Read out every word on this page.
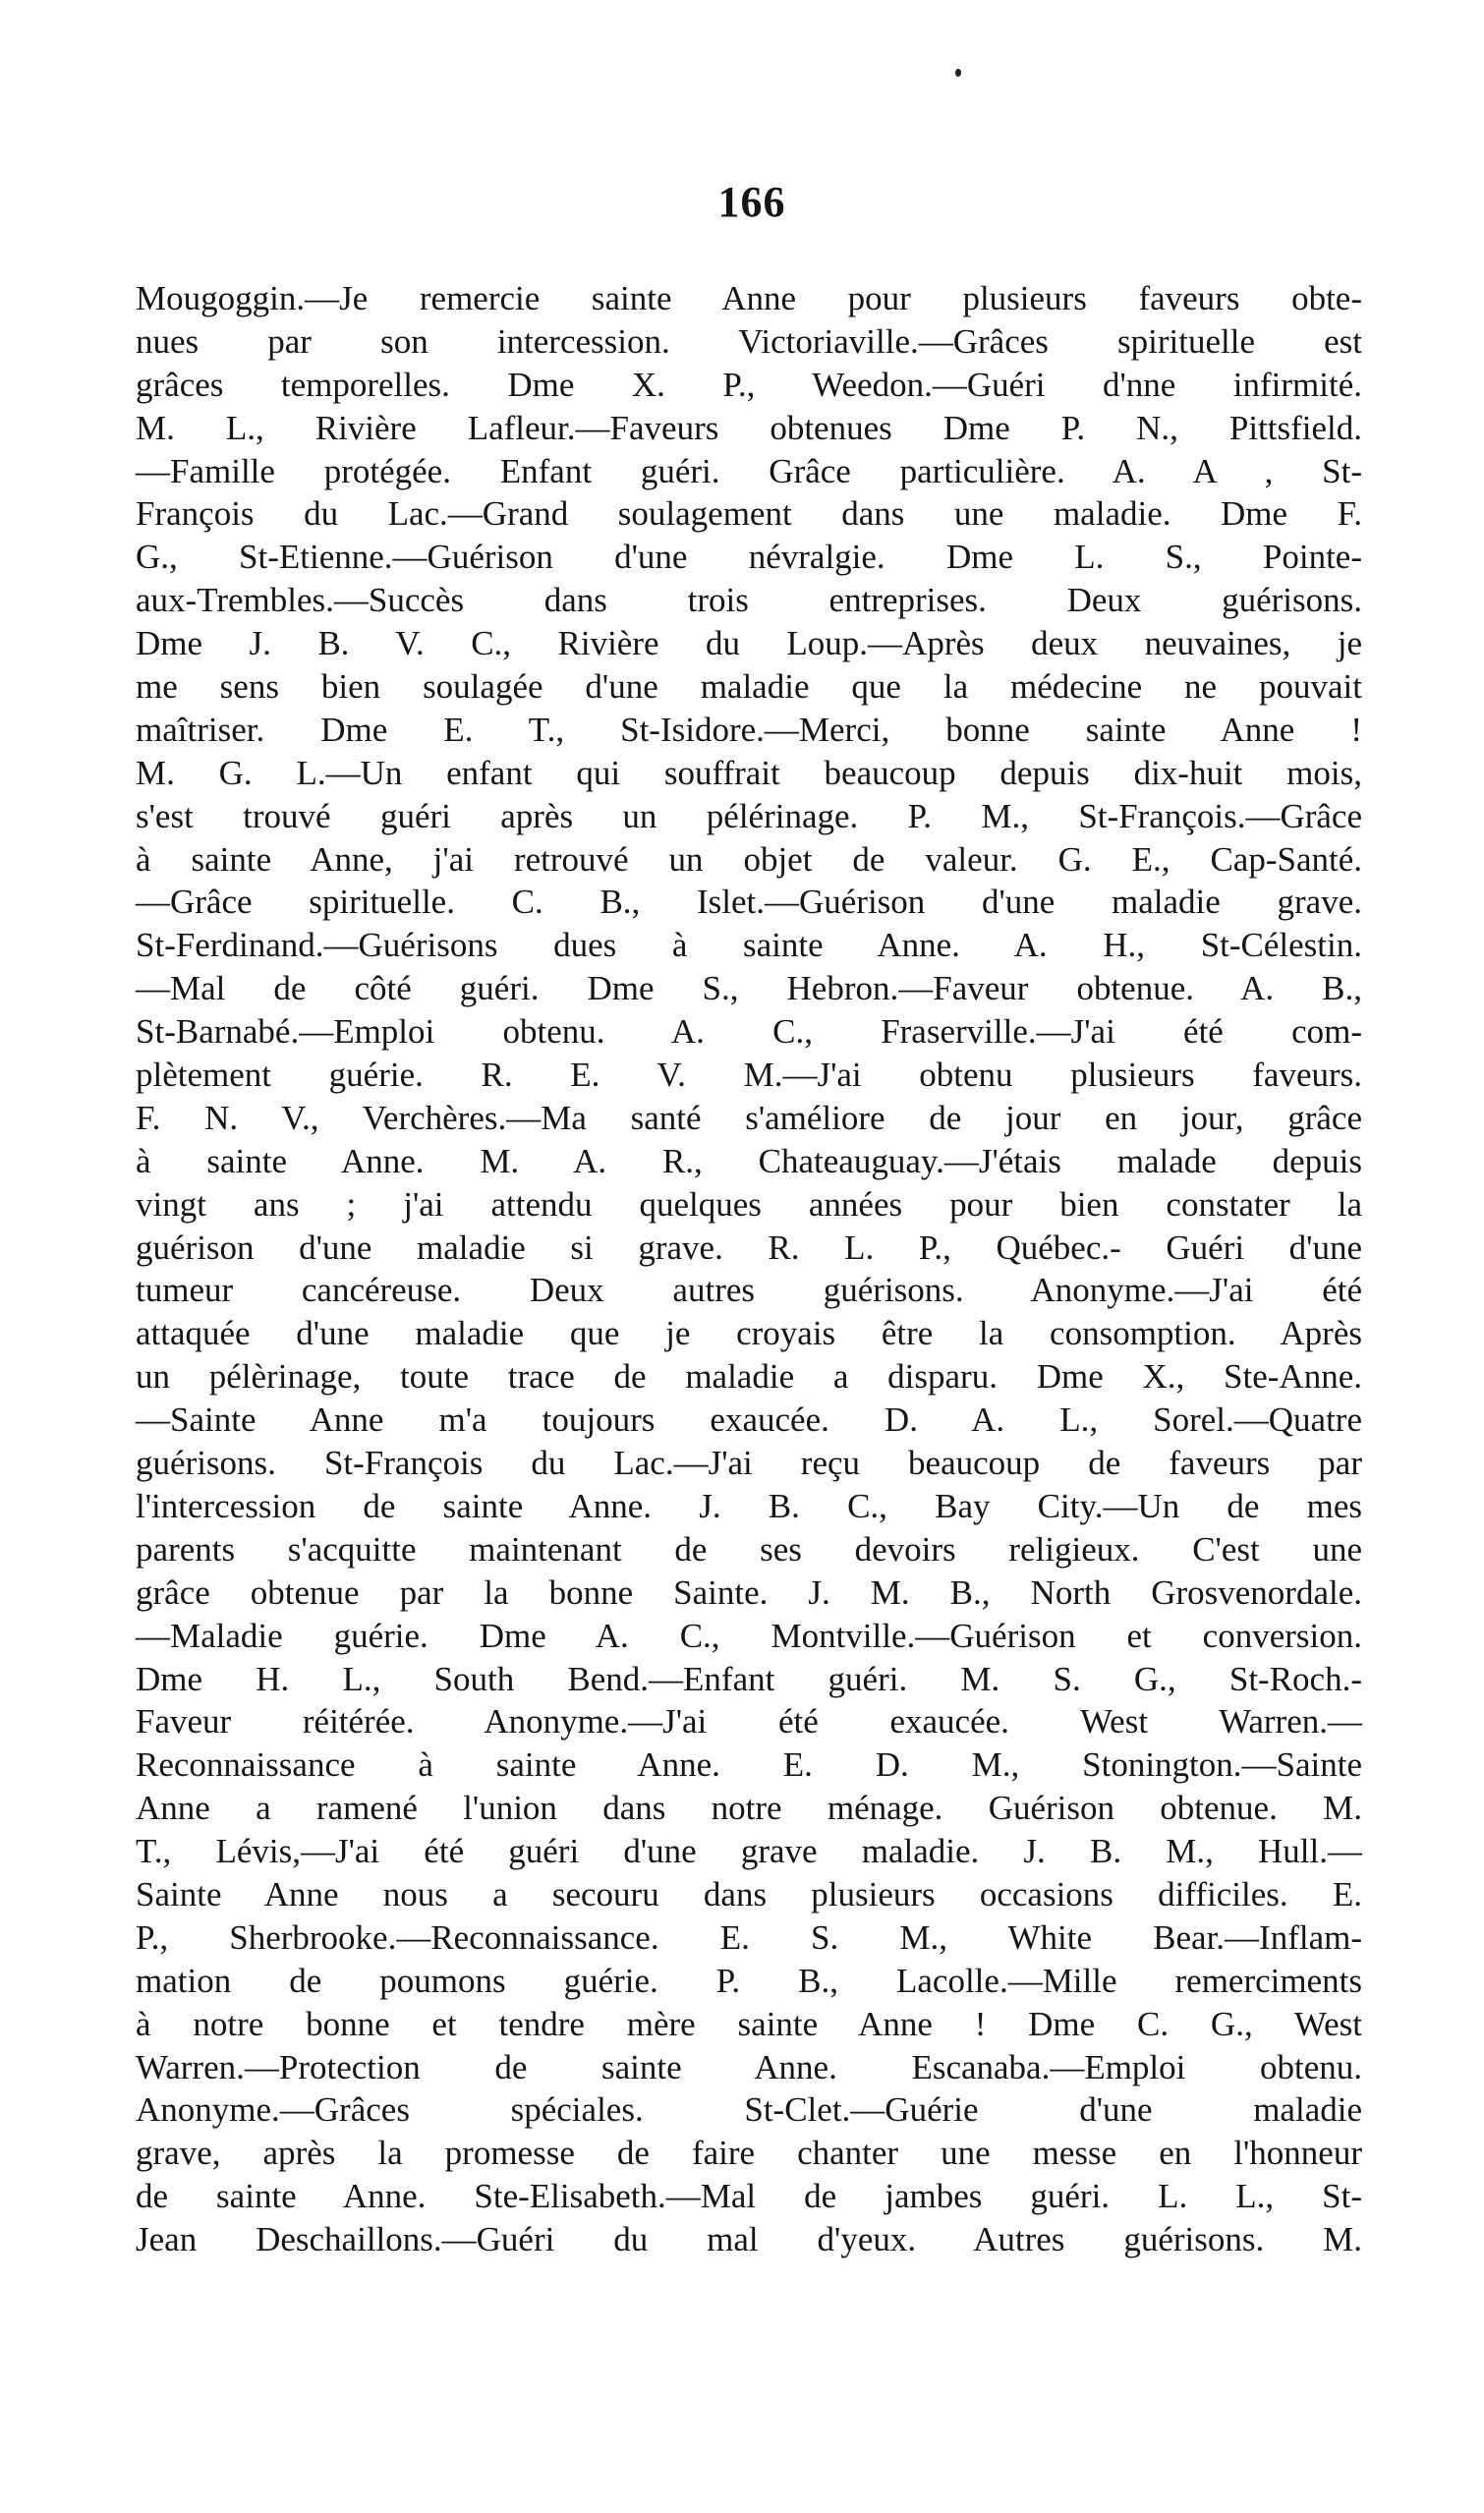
166
Mougoggin.—Je remercie sainte Anne pour plusieurs faveurs obte-
nues par son intercession. Victoriaville.—Grâces spirituelle est
grâces temporelles. Dme X. P., Weedon.—Guéri d'nne infirmité.
M. L., Rivière Lafleur.—Faveurs obtenues Dme P. N., Pittsfield.
—Famille protégée. Enfant guéri. Grâce particulière. A. A , St-
François du Lac.—Grand soulagement dans une maladie. Dme F.
G., St-Etienne.—Guérison d'une névralgie. Dme L. S., Pointe-
aux-Trembles.—Succès dans trois entreprises. Deux guérisons.
Dme J. B. V. C., Rivière du Loup.—Après deux neuvaines, je
me sens bien soulagée d'une maladie que la médecine ne pouvait
maîtriser. Dme E. T., St-Isidore.—Merci, bonne sainte Anne !
M. G. L.—Un enfant qui souffrait beaucoup depuis dix-huit mois,
s'est trouvé guéri après un pélérinage. P. M., St-François.—Grâce
à sainte Anne, j'ai retrouvé un objet de valeur. G. E., Cap-Santé.
—Grâce spirituelle. C. B., Islet.—Guérison d'une maladie grave.
St-Ferdinand.—Guérisons dues à sainte Anne. A. H., St-Célestin.
—Mal de côté guéri. Dme S., Hebron.—Faveur obtenue. A. B.,
St-Barnabé.—Emploi obtenu. A. C., Fraserville.—J'ai été com-
plètement guérie. R. E. V. M.—J'ai obtenu plusieurs faveurs.
F. N. V., Verchères.—Ma santé s'améliore de jour en jour, grâce
à sainte Anne. M. A. R., Chateauguay.—J'étais malade depuis
vingt ans ; j'ai attendu quelques années pour bien constater la
guérison d'une maladie si grave. R. L. P., Québec.- Guéri d'une
tumeur cancéreuse. Deux autres guérisons. Anonyme.—J'ai été
attaquée d'une maladie que je croyais être la consomption. Après
un pélèrinage, toute trace de maladie a disparu. Dme X., Ste-Anne.
—Sainte Anne m'a toujours exaucée. D. A. L., Sorel.—Quatre
guérisons. St-François du Lac.—J'ai reçu beaucoup de faveurs par
l'intercession de sainte Anne. J. B. C., Bay City.—Un de mes
parents s'acquitte maintenant de ses devoirs religieux. C'est une
grâce obtenue par la bonne Sainte. J. M. B., North Grosvenordale.
—Maladie guérie. Dme A. C., Montville.—Guérison et conversion.
Dme H. L., South Bend.—Enfant guéri. M. S. G., St-Roch.-
Faveur réitérée. Anonyme.—J'ai été exaucée. West Warren.—
Reconnaissance à sainte Anne. E. D. M., Stonington.—Sainte
Anne a ramené l'union dans notre ménage. Guérison obtenue. M.
T., Lévis,—J'ai été guéri d'une grave maladie. J. B. M., Hull.—
Sainte Anne nous a secouru dans plusieurs occasions difficiles. E.
P., Sherbrooke.—Reconnaissance. E. S. M., White Bear.—Inflam-
mation de poumons guérie. P. B., Lacolle.—Mille remerciments
à notre bonne et tendre mère sainte Anne ! Dme C. G., West
Warren.—Protection de sainte Anne. Escanaba.—Emploi obtenu.
Anonyme.—Grâces spéciales. St-Clet.—Guérie d'une maladie
grave, après la promesse de faire chanter une messe en l'honneur
de sainte Anne. Ste-Elisabeth.—Mal de jambes guéri. L. L., St-
Jean Deschaillons.—Guéri du mal d'yeux. Autres guérisons. M.
